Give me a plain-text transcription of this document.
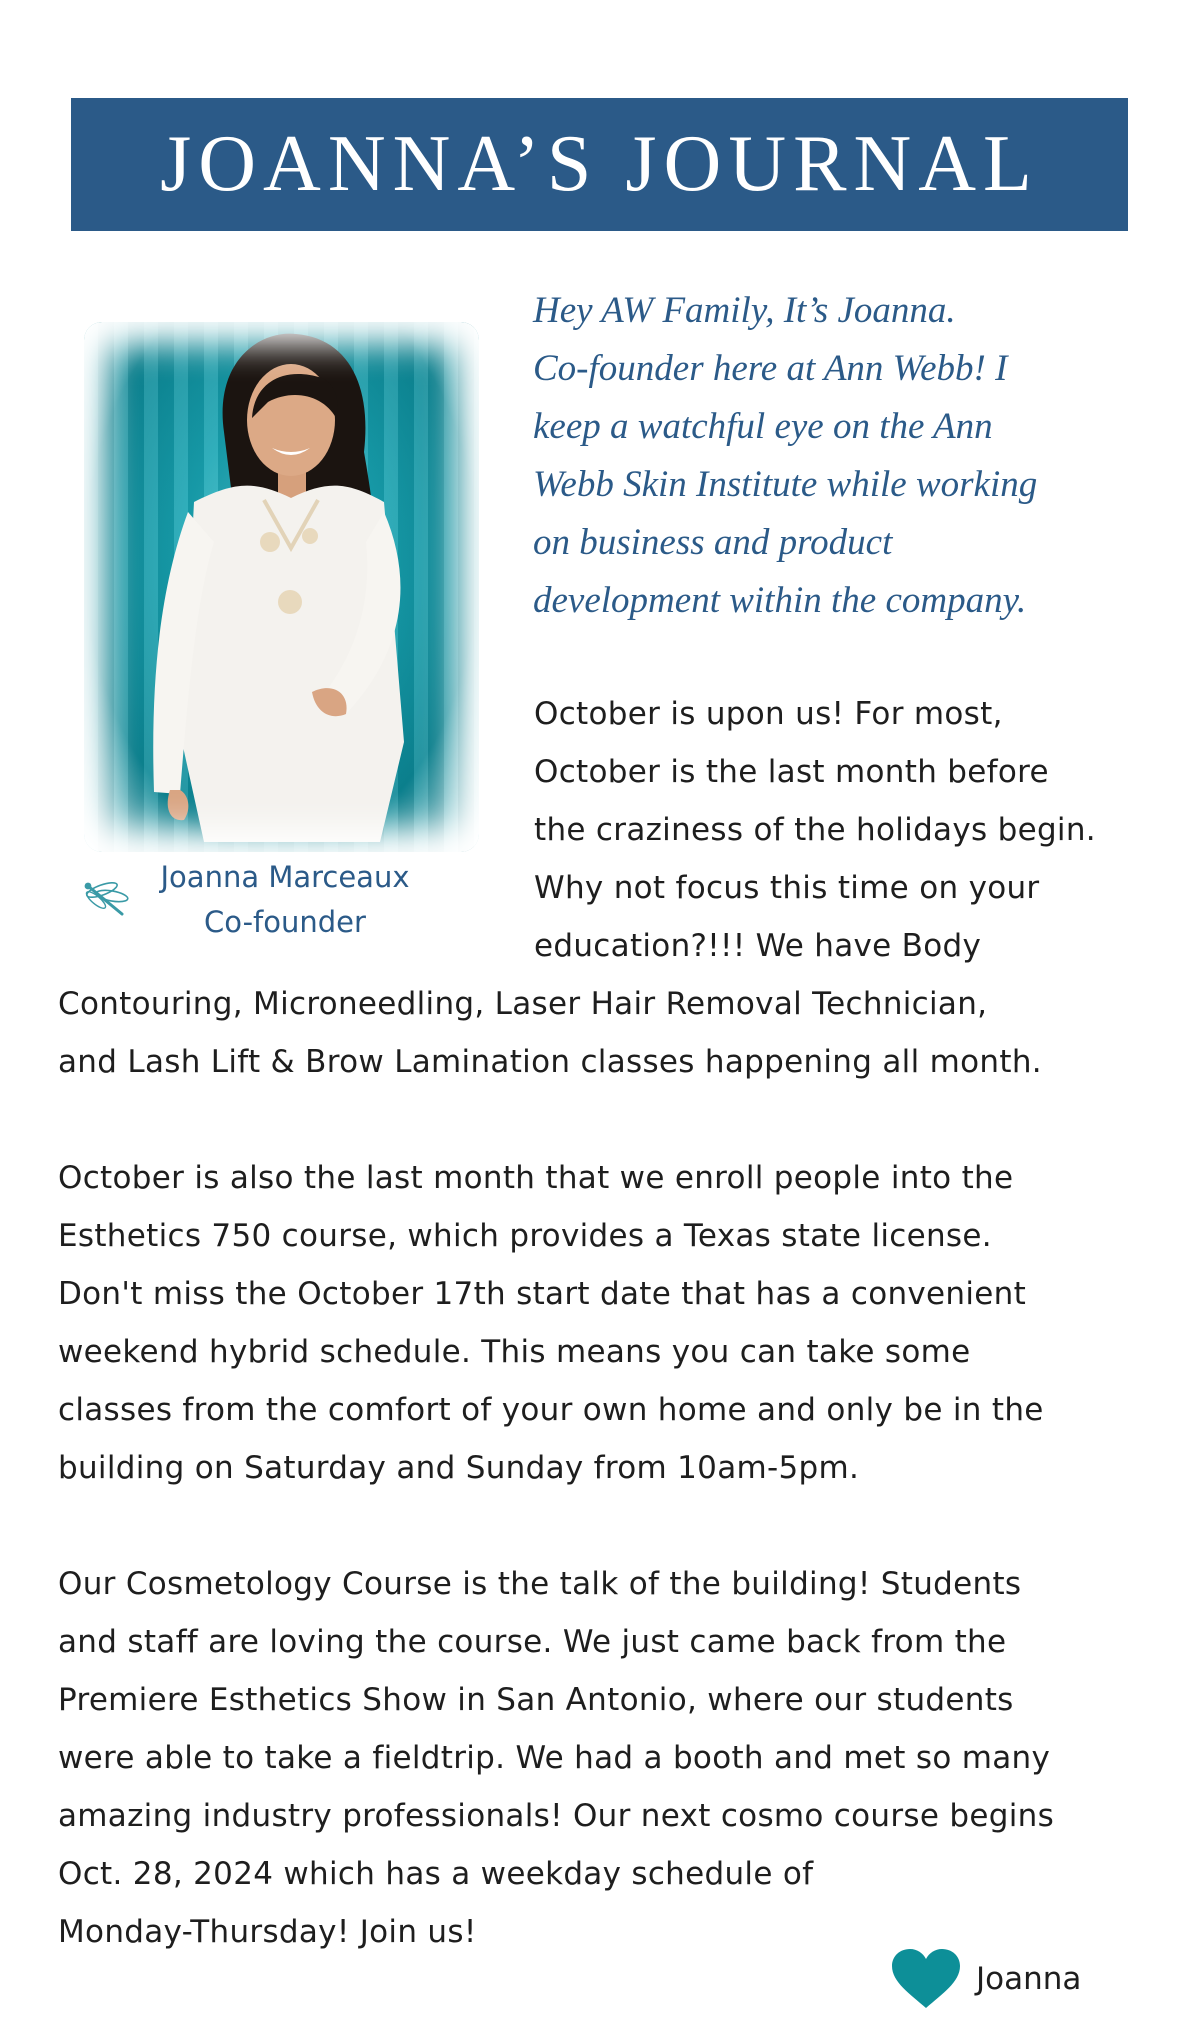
JOANNA’S JOURNAL
Joanna Marceaux
Co-founder

Hey AW Family, It’s Joanna.
Co-founder here at Ann Webb! I
keep a watchful eye on the Ann
Webb Skin Institute while working
on business and product
development within the company.

October is upon us! For most,
October is the last month before
the craziness of the holidays begin.
Why not focus this time on your
education?!!! We have Body
Contouring, Microneedling, Laser Hair Removal Technician,
and Lash Lift & Brow Lamination classes happening all month.
October is also the last month that we enroll people into the
Esthetics 750 course, which provides a Texas state license.
Don't miss the October 17th start date that has a convenient
weekend hybrid schedule. This means you can take some
classes from the comfort of your own home and only be in the
building on Saturday and Sunday from 10am-5pm.
Our Cosmetology Course is the talk of the building! Students
and staff are loving the course. We just came back from the
Premiere Esthetics Show in San Antonio, where our students
were able to take a fieldtrip. We had a booth and met so many
amazing industry professionals! Our next cosmo course begins
Oct. 28, 2024 which has a weekday schedule of
Monday-Thursday! Join us!
Joanna
